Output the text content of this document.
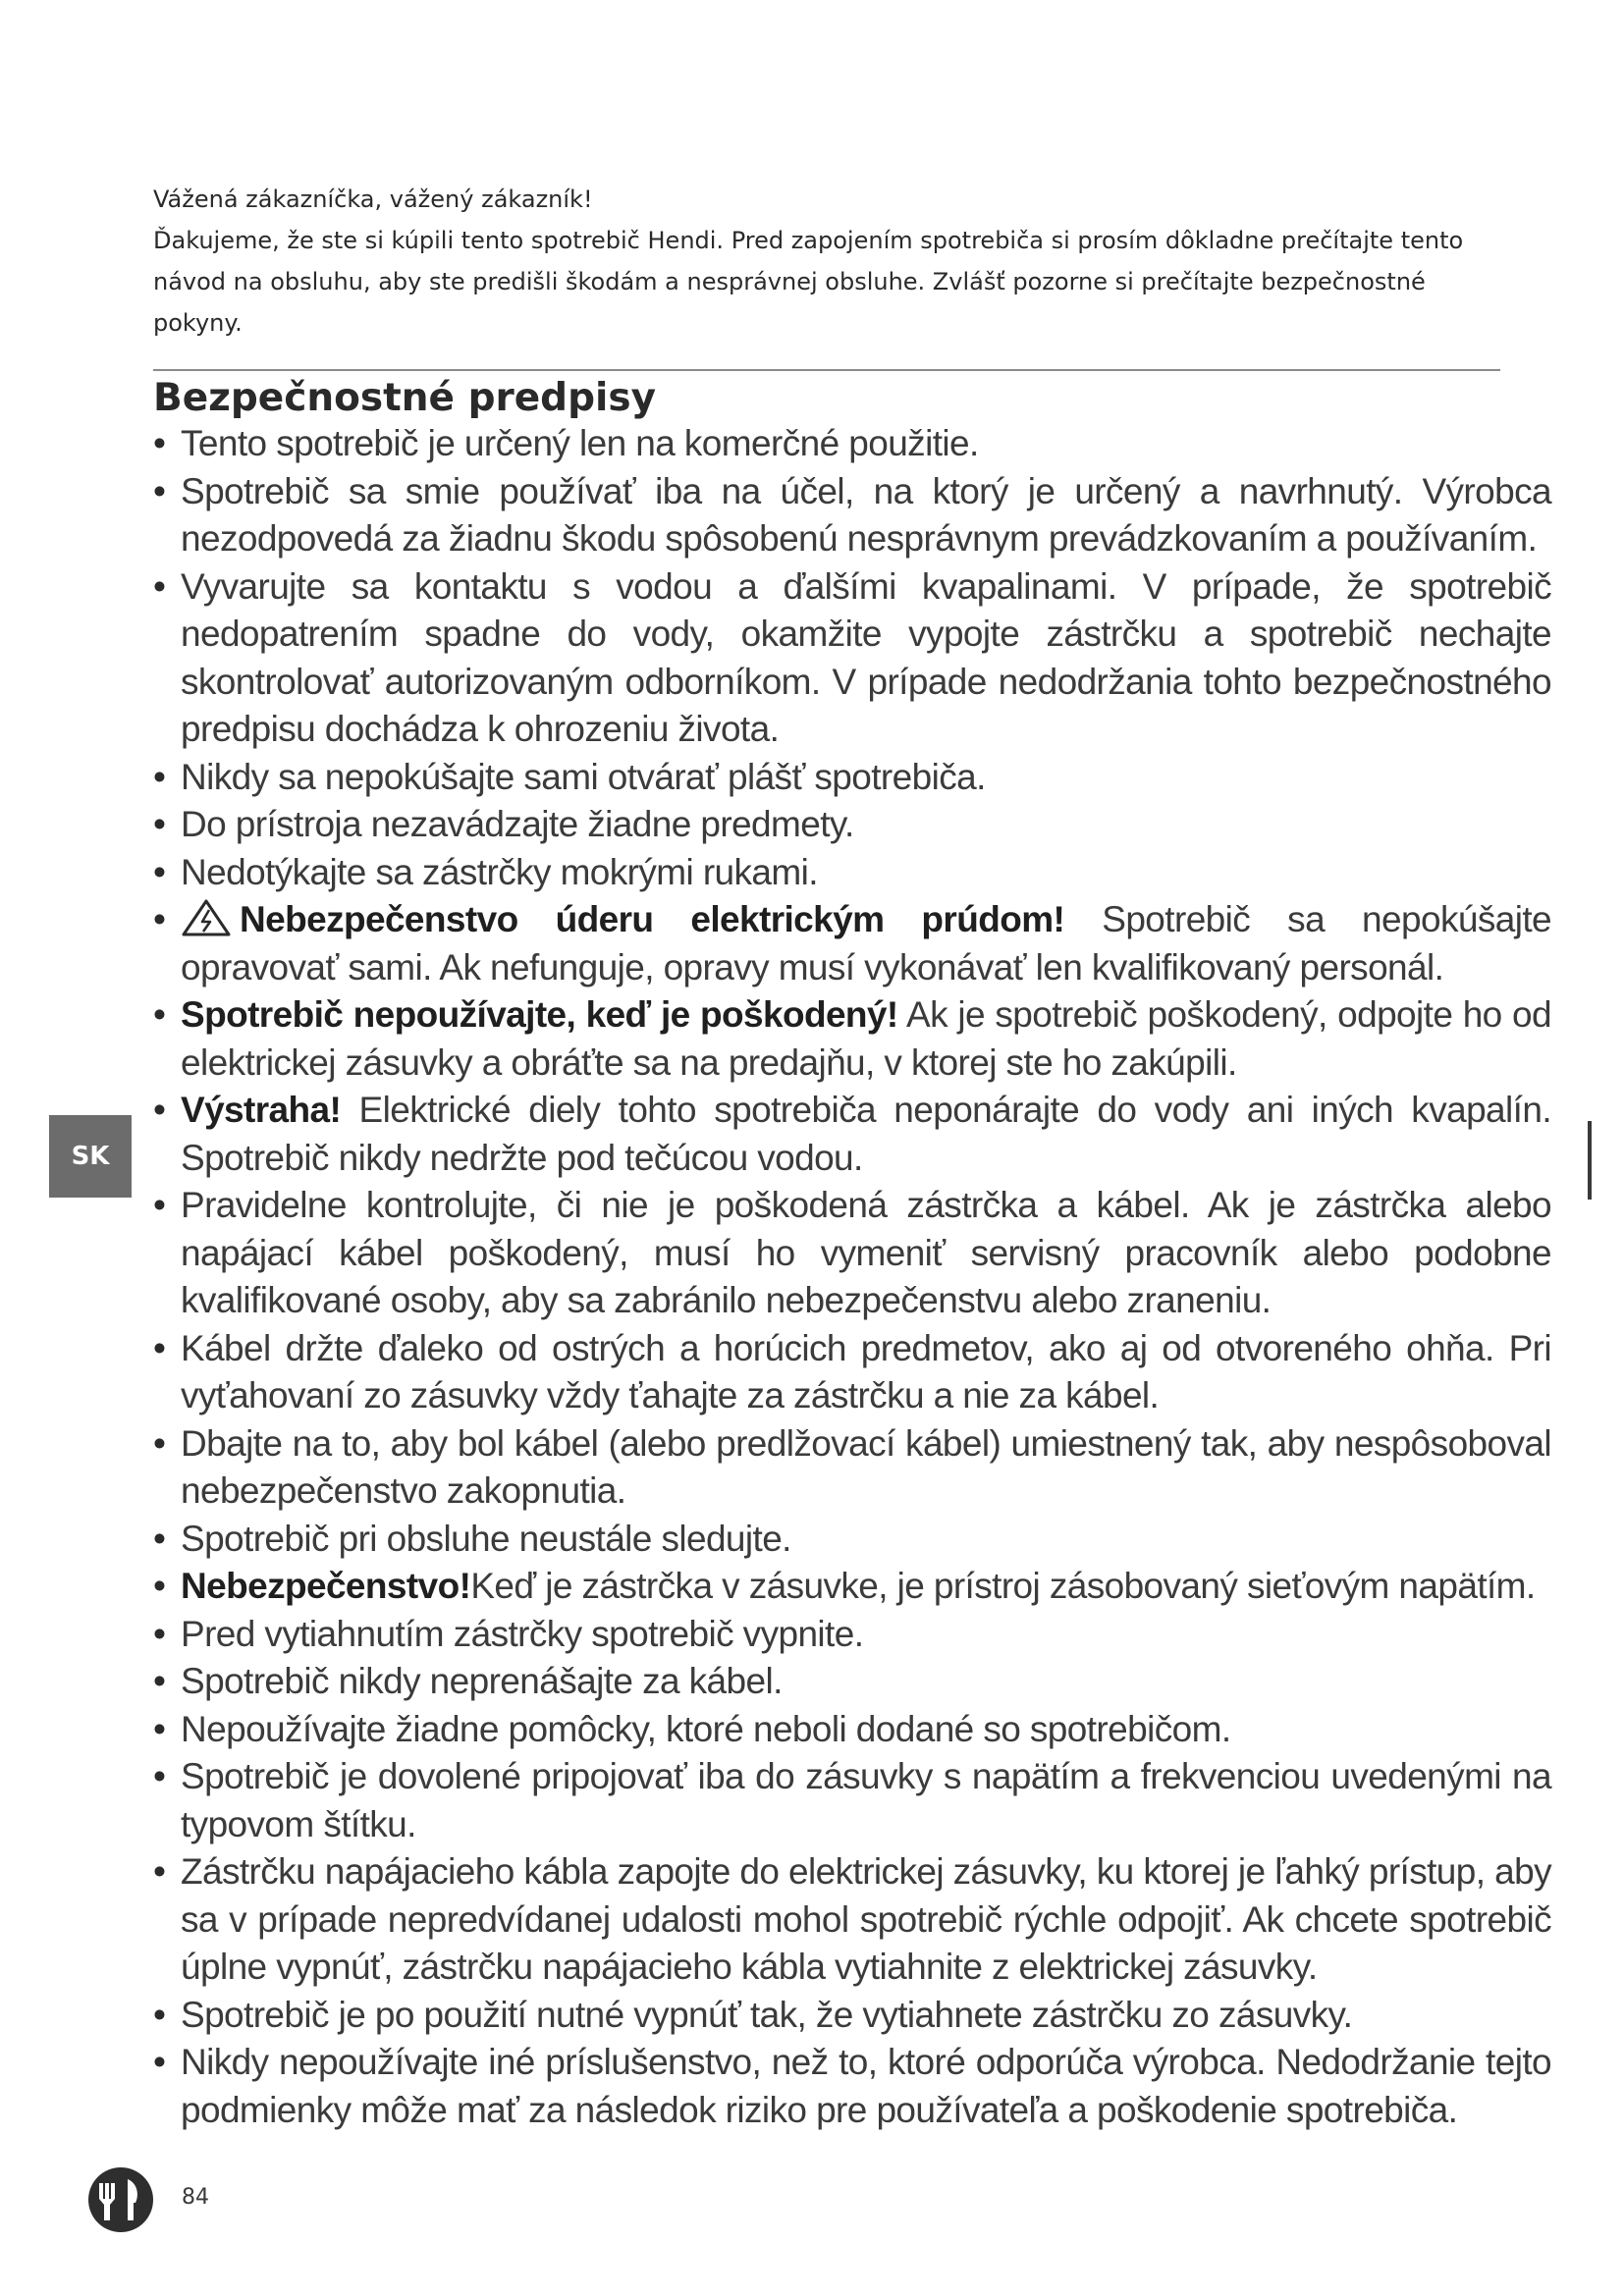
Vážená zákazníčka, vážený zákazník!

Ďakujeme, že ste si kúpili tento spotrebič Hendi. Pred zapojením spotrebiča si prosím dôkladne prečítajte tento návod na obsluhu, aby ste predišli škodám a nesprávnej obsluhe. Zvlášť pozorne si prečítajte bezpečnostné pokyny.

Bezpečnostné predpisy
• Tento spotrebič je určený len na komerčné použitie.
• Spotrebič sa smie používať iba na účel, na ktorý je určený a navrhnutý. Výrobca nezodpovedá za žiadnu škodu spôsobenú nesprávnym prevádzkovaním a používaním.
• Vyvarujte sa kontaktu s vodou a ďalšími kvapalinami. V prípade, že spotrebič nedopatrením spadne do vody, okamžite vypojte zástrčku a spotrebič nechajte skontrolovať autorizovaným odborníkom. V prípade nedodržania tohto bezpečnostného predpisu dochádza k ohrozeniu života.
• Nikdy sa nepokúšajte sami otvárať plášť spotrebiča.
• Do prístroja nezavádzajte žiadne predmety.
• Nedotýkajte sa zástrčky mokrými rukami.
• Nebezpečenstvo úderu elektrickým prúdom! Spotrebič sa nepokúšajte opravovať sami. Ak nefunguje, opravy musí vykonávať len kvalifikovaný personál.
• Spotrebič nepoužívajte, keď je poškodený! Ak je spotrebič poškodený, odpojte ho od elektrickej zásuvky a obráťte sa na predajňu, v ktorej ste ho zakúpili.
• Výstraha! Elektrické diely tohto spotrebiča neponárajte do vody ani iných kvapalín. Spotrebič nikdy nedržte pod tečúcou vodou.
• Pravidelne kontrolujte, či nie je poškodená zástrčka a kábel. Ak je zástrčka alebo napájací kábel poškodený, musí ho vymeniť servisný pracovník alebo podobne kvalifikované osoby, aby sa zabránilo nebezpečenstvu alebo zraneniu.
• Kábel držte ďaleko od ostrých a horúcich predmetov, ako aj od otvoreného ohňa. Pri vyťahovaní zo zásuvky vždy ťahajte za zástrčku a nie za kábel.
• Dbajte na to, aby bol kábel (alebo predlžovací kábel) umiestnený tak, aby nespôsoboval nebezpečenstvo zakopnutia.
• Spotrebič pri obsluhe neustále sledujte.
• Nebezpečenstvo!Keď je zástrčka v zásuvke, je prístroj zásobovaný sieťovým napätím.
• Pred vytiahnutím zástrčky spotrebič vypnite.
• Spotrebič nikdy neprenášajte za kábel.
• Nepoužívajte žiadne pomôcky, ktoré neboli dodané so spotrebičom.
• Spotrebič je dovolené pripojovať iba do zásuvky s napätím a frekvenciou uvedenými na typovom štítku.
• Zástrčku napájacieho kábla zapojte do elektrickej zásuvky, ku ktorej je ľahký prístup, aby sa v prípade nepredvídanej udalosti mohol spotrebič rýchle odpojiť. Ak chcete spotrebič úplne vypnúť, zástrčku napájacieho kábla vytiahnite z elektrickej zásuvky.
• Spotrebič je po použití nutné vypnúť tak, že vytiahnete zástrčku zo zásuvky.
• Nikdy nepoužívajte iné príslušenstvo, než to, ktoré odporúča výrobca. Nedodržanie tejto podmienky môže mať za následok riziko pre používateľa a poškodenie spotrebiča.
SK
84
